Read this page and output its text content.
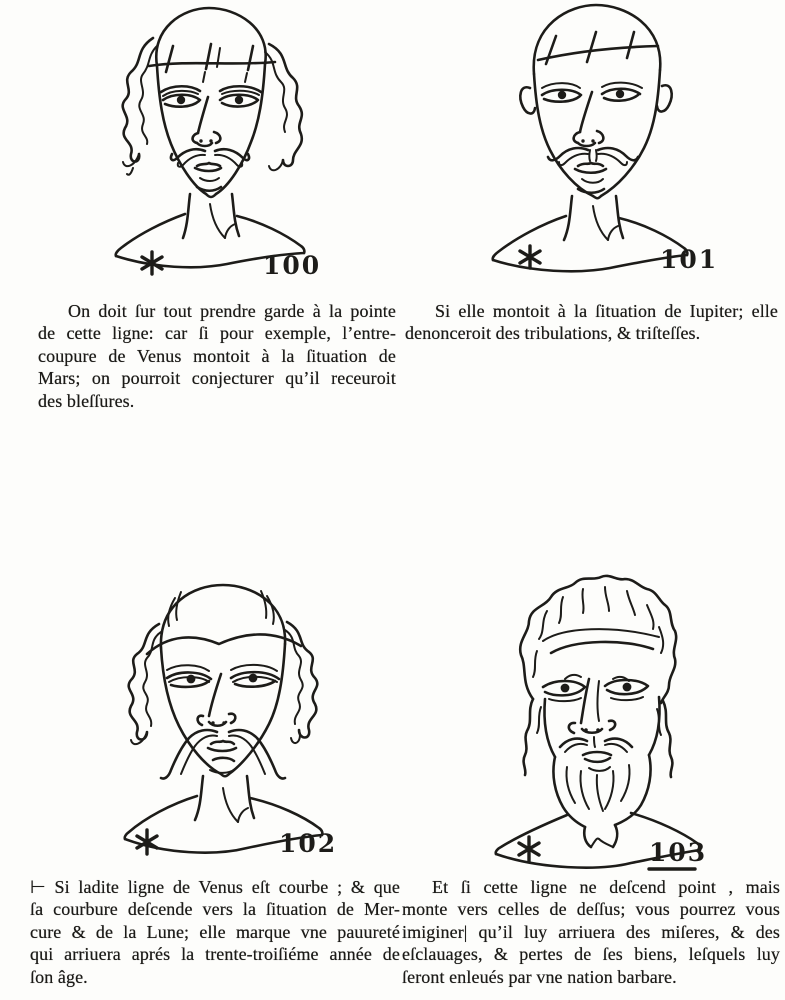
100	101
102	103
On doit ſur tout prendre garde à la pointe
de cette ligne: car ſi pour exemple, l’entre-
coupure de Venus montoit à la ſituation de
Mars; on pourroit conjecturer qu’il receuroit
des bleſſures.
Si elle montoit à la ſituation de Iupiter; elle
denonceroit des tribulations, & triſteſſes.
⊢ Si ladite ligne de Venus eſt courbe ; & que
ſa courbure deſcende vers la ſituation de Mer-
cure & de la Lune; elle marque vne pauureté
qui arriuera aprés la trente-troiſiéme année de
ſon âge.
Et ſi cette ligne ne deſcend point , mais
monte vers celles de deſſus; vous pourrez vous
imiginer| qu’il luy arriuera des miſeres, & des
eſclauages, & pertes de ſes biens, leſquels luy
ſeront enleués par vne nation barbare.
